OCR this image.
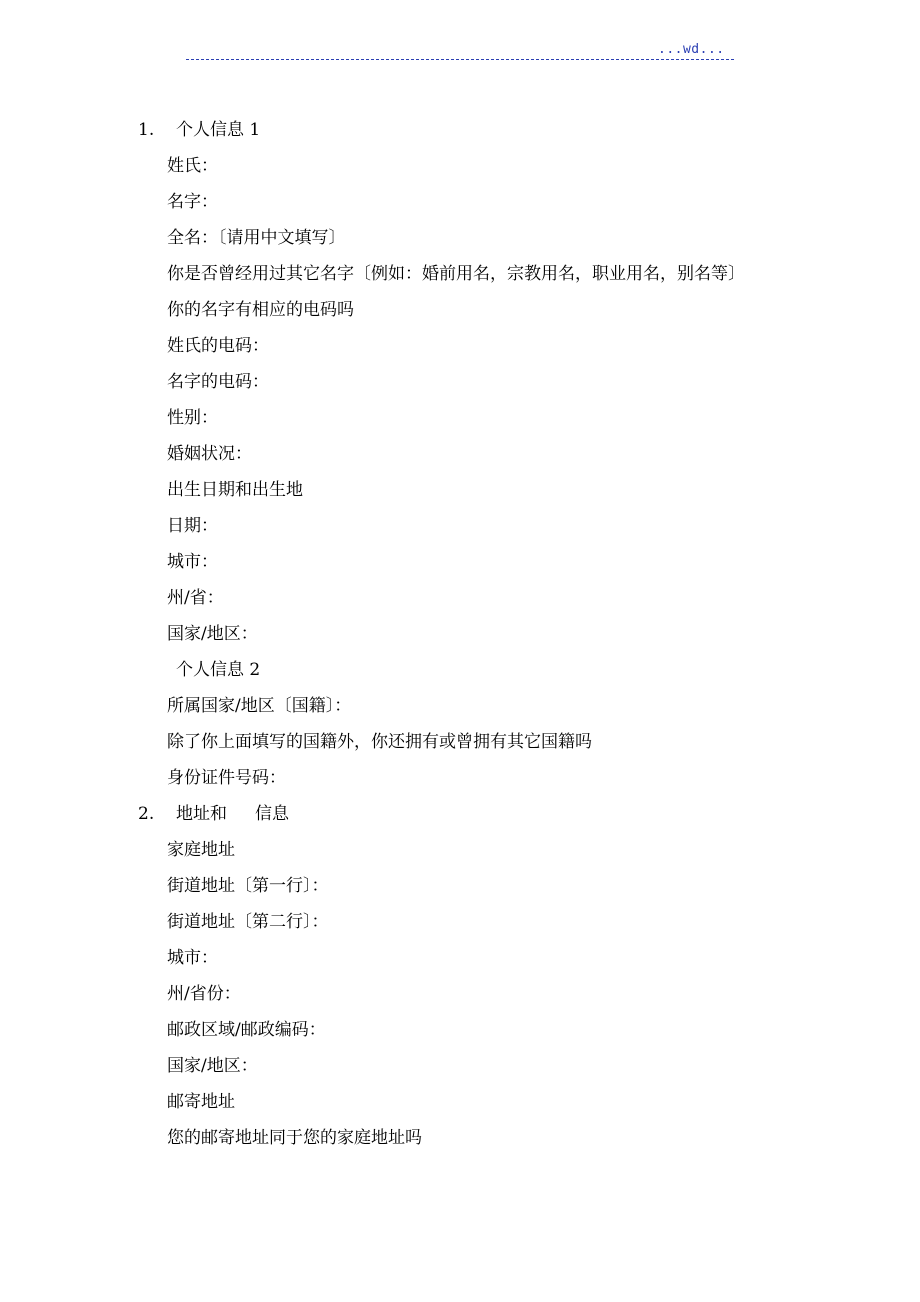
...wd...
1. 个人信息 1
姓氏：
名字：
全名：〔请用中文填写〕
你是否曾经用过其它名字〔例如：婚前用名，宗教用名，职业用名，别名等〕
你的名字有相应的电码吗
姓氏的电码：
名字的电码：
性别：
婚姻状况：
出生日期和出生地
日期：
城市：
州/省：
国家/地区：
个人信息 2
所属国家/地区〔国籍〕：
除了你上面填写的国籍外，你还拥有或曾拥有其它国籍吗
身份证件号码：
2. 地址和 信息
家庭地址
街道地址〔第一行〕：
街道地址〔第二行〕：
城市：
州/省份：
邮政区域/邮政编码：
国家/地区：
邮寄地址
您的邮寄地址同于您的家庭地址吗
